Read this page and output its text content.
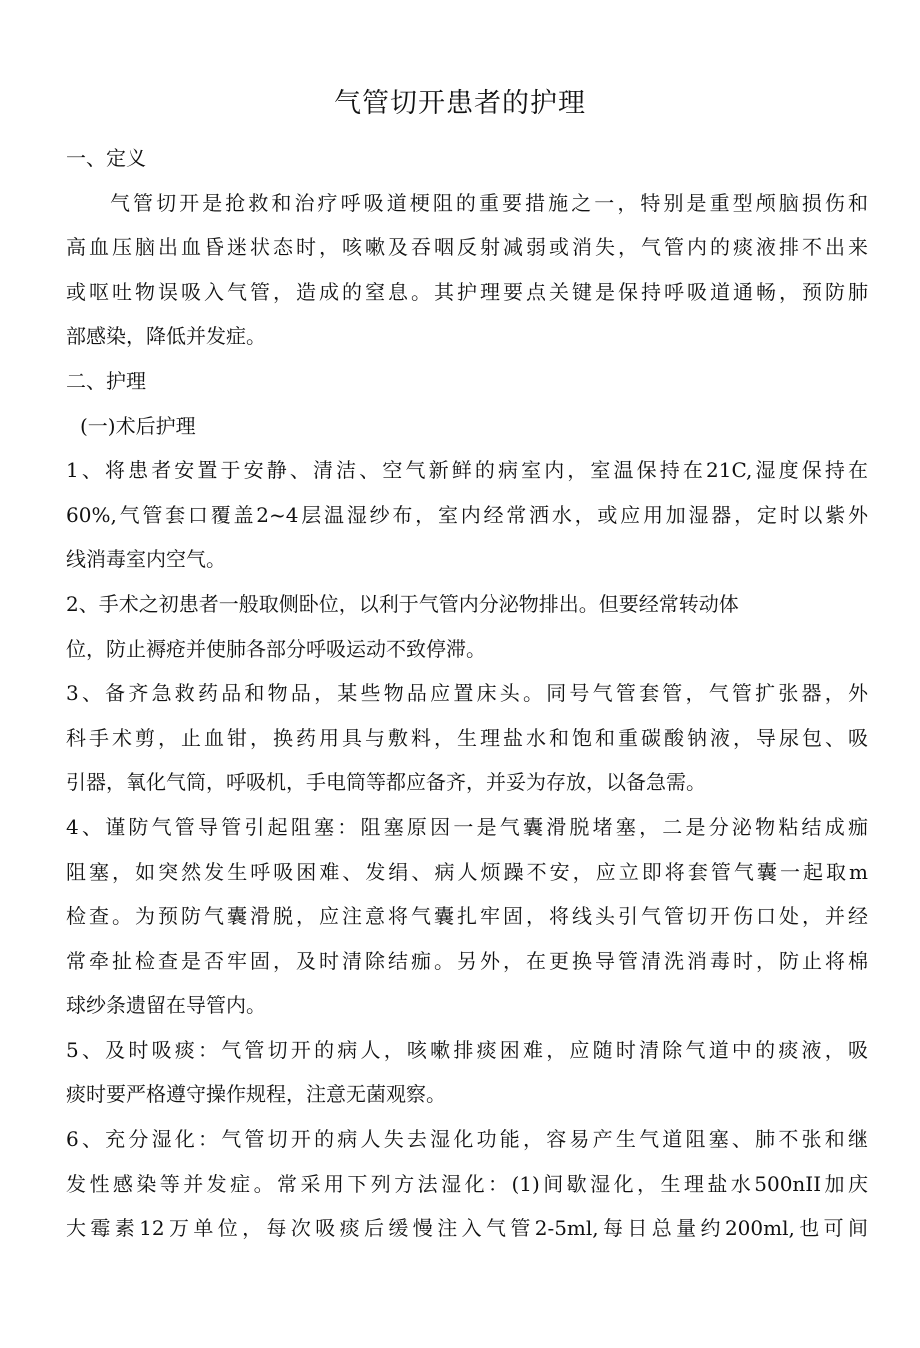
气管切开患者的护理
一、定义
气管切开是抢救和治疗呼吸道梗阻的重要措施之一，特别是重型颅脑损伤和
高血压脑出血昏迷状态时，咳嗽及吞咽反射减弱或消失，气管内的痰液排不出来
或呕吐物误吸入气管，造成的窒息。其护理要点关键是保持呼吸道通畅，预防肺
部感染，降低并发症。
二、护理
(一)术后护理
1、将患者安置于安静、清洁、空气新鲜的病室内，室温保持在21C,湿度保持在
60%,气管套口覆盖2~4层温湿纱布，室内经常洒水，或应用加湿器，定时以紫外
线消毒室内空气。
2、手术之初患者一般取侧卧位，以利于气管内分泌物排出。但要经常转动体
位，防止褥疮并使肺各部分呼吸运动不致停滞。
3、备齐急救药品和物品，某些物品应置床头。同号气管套管，气管扩张器，外
科手术剪，止血钳，换药用具与敷料，生理盐水和饱和重碳酸钠液，导尿包、吸
引器，氧化气筒，呼吸机，手电筒等都应备齐，并妥为存放，以备急需。
4、谨防气管导管引起阻塞：阻塞原因一是气囊滑脱堵塞，二是分泌物粘结成痂
阻塞，如突然发生呼吸困难、发绢、病人烦躁不安，应立即将套管气囊一起取m
检查。为预防气囊滑脱，应注意将气囊扎牢固，将线头引气管切开伤口处，并经
常牵扯检查是否牢固，及时清除结痂。另外，在更换导管清洗消毒时，防止将棉
球纱条遗留在导管内。
5、及时吸痰：气管切开的病人，咳嗽排痰困难，应随时清除气道中的痰液，吸
痰时要严格遵守操作规程，注意无菌观察。
6、充分湿化：气管切开的病人失去湿化功能，容易产生气道阻塞、肺不张和继
发性感染等并发症。常采用下列方法湿化：(1)间歇湿化，生理盐水500nII加庆
大霉素12万单位，每次吸痰后缓慢注入气管2-5ml,每日总量约200ml,也可间
